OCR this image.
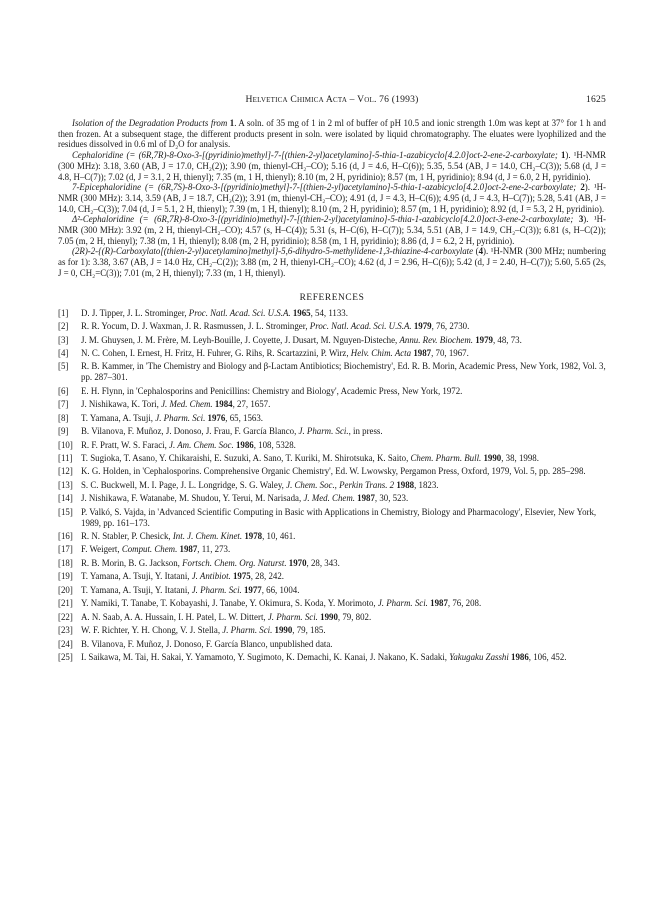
Helvetica Chimica Acta – Vol. 76 (1993)	1625

Isolation of the Degradation Products from 1. A soln. of 35 mg of 1 in 2 ml of buffer of pH 10.5 and ionic strength 1.0m was kept at 37° for 1 h and then frozen. At a subsequent stage, the different products present in soln. were isolated by liquid chromatography. The eluates were lyophilized and the residues dissolved in 0.6 ml of D₂O for analysis.

Cephaloridine (= (6R,7R)-8-Oxo-3-[(pyridinio)methyl]-7-[(thien-2-yl)acetylamino]-5-thia-1-azabicyclo[4.2.0]oct-2-ene-2-carboxylate; 1). ¹H-NMR (300 MHz): 3.18, 3.60 (AB, J = 17.0, CH₂(2)); 3.90 (m, thienyl-CH₂–CO); 5.16 (d, J = 4.6, H–C(6)); 5.35, 5.54 (AB, J = 14.0, CH₂–C(3)); 5.68 (d, J = 4.8, H–C(7)); 7.02 (d, J = 3.1, 2 H, thienyl); 7.35 (m, 1 H, thienyl); 8.10 (m, 2 H, pyridinio); 8.57 (m, 1 H, pyridinio); 8.94 (d, J = 6.0, 2 H, pyridinio).

7-Epicephaloridine (= (6R,7S)-8-Oxo-3-[(pyridinio)methyl]-7-[(thien-2-yl)acetylamino]-5-thia-1-azabicyclo[4.2.0]oct-2-ene-2-carboxylate; 2). ¹H-NMR (300 MHz): 3.14, 3.59 (AB, J = 18.7, CH₂(2)); 3.91 (m, thienyl-CH₂–CO); 4.91 (d, J = 4.3, H–C(6)); 4.95 (d, J = 4.3, H–C(7)); 5.28, 5.41 (AB, J = 14.0, CH₂–C(3)); 7.04 (d, J = 5.1, 2 H, thienyl); 7.39 (m, 1 H, thienyl); 8.10 (m, 2 H, pyridinio); 8.57 (m, 1 H, pyridinio); 8.92 (d, J = 5.3, 2 H, pyridinio).

Δ²-Cephaloridine (= (6R,7R)-8-Oxo-3-[(pyridinio)methyl]-7-[(thien-2-yl)acetylamino]-5-thia-1-azabicyclo[4.2.0]oct-3-ene-2-carboxylate; 3). ¹H-NMR (300 MHz): 3.92 (m, 2 H, thienyl-CH₂–CO); 4.57 (s, H–C(4)); 5.31 (s, H–C(6), H–C(7)); 5.34, 5.51 (AB, J = 14.9, CH₂–C(3)); 6.81 (s, H–C(2)); 7.05 (m, 2 H, thienyl); 7.38 (m, 1 H, thienyl); 8.08 (m, 2 H, pyridinio); 8.58 (m, 1 H, pyridinio); 8.86 (d, J = 6.2, 2 H, pyridinio).

(2R)-2-{(R)-Carboxylato[(thien-2-yl)acetylamino]methyl}-5,6-dihydro-5-methylidene-1,3-thiazine-4-carboxylate (4). ¹H-NMR (300 MHz; numbering as for 1): 3.38, 3.67 (AB, J = 14.0 Hz, CH₂–C(2)); 3.88 (m, 2 H, thienyl-CH₂–CO); 4.62 (d, J = 2.96, H–C(6)); 5.42 (d, J = 2.40, H–C(7)); 5.60, 5.65 (2s, J = 0, CH₂=C(3)); 7.01 (m, 2 H, thienyl); 7.33 (m, 1 H, thienyl).

REFERENCES
[1] D. J. Tipper, J. L. Strominger, Proc. Natl. Acad. Sci. U.S.A. 1965, 54, 1133.
[2] R. R. Yocum, D. J. Waxman, J. R. Rasmussen, J. L. Strominger, Proc. Natl. Acad. Sci. U.S.A. 1979, 76, 2730.
[3] J. M. Ghuysen, J. M. Frère, M. Leyh-Bouille, J. Coyette, J. Dusart, M. Nguyen-Disteche, Annu. Rev. Biochem. 1979, 48, 73.
[4] N. C. Cohen, I. Ernest, H. Fritz, H. Fuhrer, G. Rihs, R. Scartazzini, P. Wirz, Helv. Chim. Acta 1987, 70, 1967.
[5] R. B. Kammer, in 'The Chemistry and Biology and β-Lactam Antibiotics; Biochemistry', Ed. R. B. Morin, Academic Press, New York, 1982, Vol. 3, pp. 287–301.
[6] E. H. Flynn, in 'Cephalosporins and Penicillins: Chemistry and Biology', Academic Press, New York, 1972.
[7] J. Nishikawa, K. Tori, J. Med. Chem. 1984, 27, 1657.
[8] T. Yamana, A. Tsuji, J. Pharm. Sci. 1976, 65, 1563.
[9] B. Vilanova, F. Muñoz, J. Donoso, J. Frau, F. García Blanco, J. Pharm. Sci., in press.
[10] R. F. Pratt, W. S. Faraci, J. Am. Chem. Soc. 1986, 108, 5328.
[11] T. Sugioka, T. Asano, Y. Chikaraishi, E. Suzuki, A. Sano, T. Kuriki, M. Shirotsuka, K. Saito, Chem. Pharm. Bull. 1990, 38, 1998.
[12] K. G. Holden, in 'Cephalosporins. Comprehensive Organic Chemistry', Ed. W. Lwowsky, Pergamon Press, Oxford, 1979, Vol. 5, pp. 285–298.
[13] S. C. Buckwell, M. I. Page, J. L. Longridge, S. G. Waley, J. Chem. Soc., Perkin Trans. 2 1988, 1823.
[14] J. Nishikawa, F. Watanabe, M. Shudou, Y. Terui, M. Narisada, J. Med. Chem. 1987, 30, 523.
[15] P. Valkó, S. Vajda, in 'Advanced Scientific Computing in Basic with Applications in Chemistry, Biology and Pharmacology', Elsevier, New York, 1989, pp. 161–173.
[16] R. N. Stabler, P. Chesick, Int. J. Chem. Kinet. 1978, 10, 461.
[17] F. Weigert, Comput. Chem. 1987, 11, 273.
[18] R. B. Morin, B. G. Jackson, Fortsch. Chem. Org. Naturst. 1970, 28, 343.
[19] T. Yamana, A. Tsuji, Y. Itatani, J. Antibiot. 1975, 28, 242.
[20] T. Yamana, A. Tsuji, Y. Itatani, J. Pharm. Sci. 1977, 66, 1004.
[21] Y. Namiki, T. Tanabe, T. Kobayashi, J. Tanabe, Y. Okimura, S. Koda, Y. Morimoto, J. Pharm. Sci. 1987, 76, 208.
[22] A. N. Saab, A. A. Hussain, I. H. Patel, L. W. Dittert, J. Pharm. Sci. 1990, 79, 802.
[23] W. F. Richter, Y. H. Chong, V. J. Stella, J. Pharm. Sci. 1990, 79, 185.
[24] B. Vilanova, F. Muñoz, J. Donoso, F. García Blanco, unpublished data.
[25] I. Saikawa, M. Tai, H. Sakai, Y. Yamamoto, Y. Sugimoto, K. Demachi, K. Kanai, J. Nakano, K. Sadaki, Yakugaku Zasshi 1986, 106, 452.
